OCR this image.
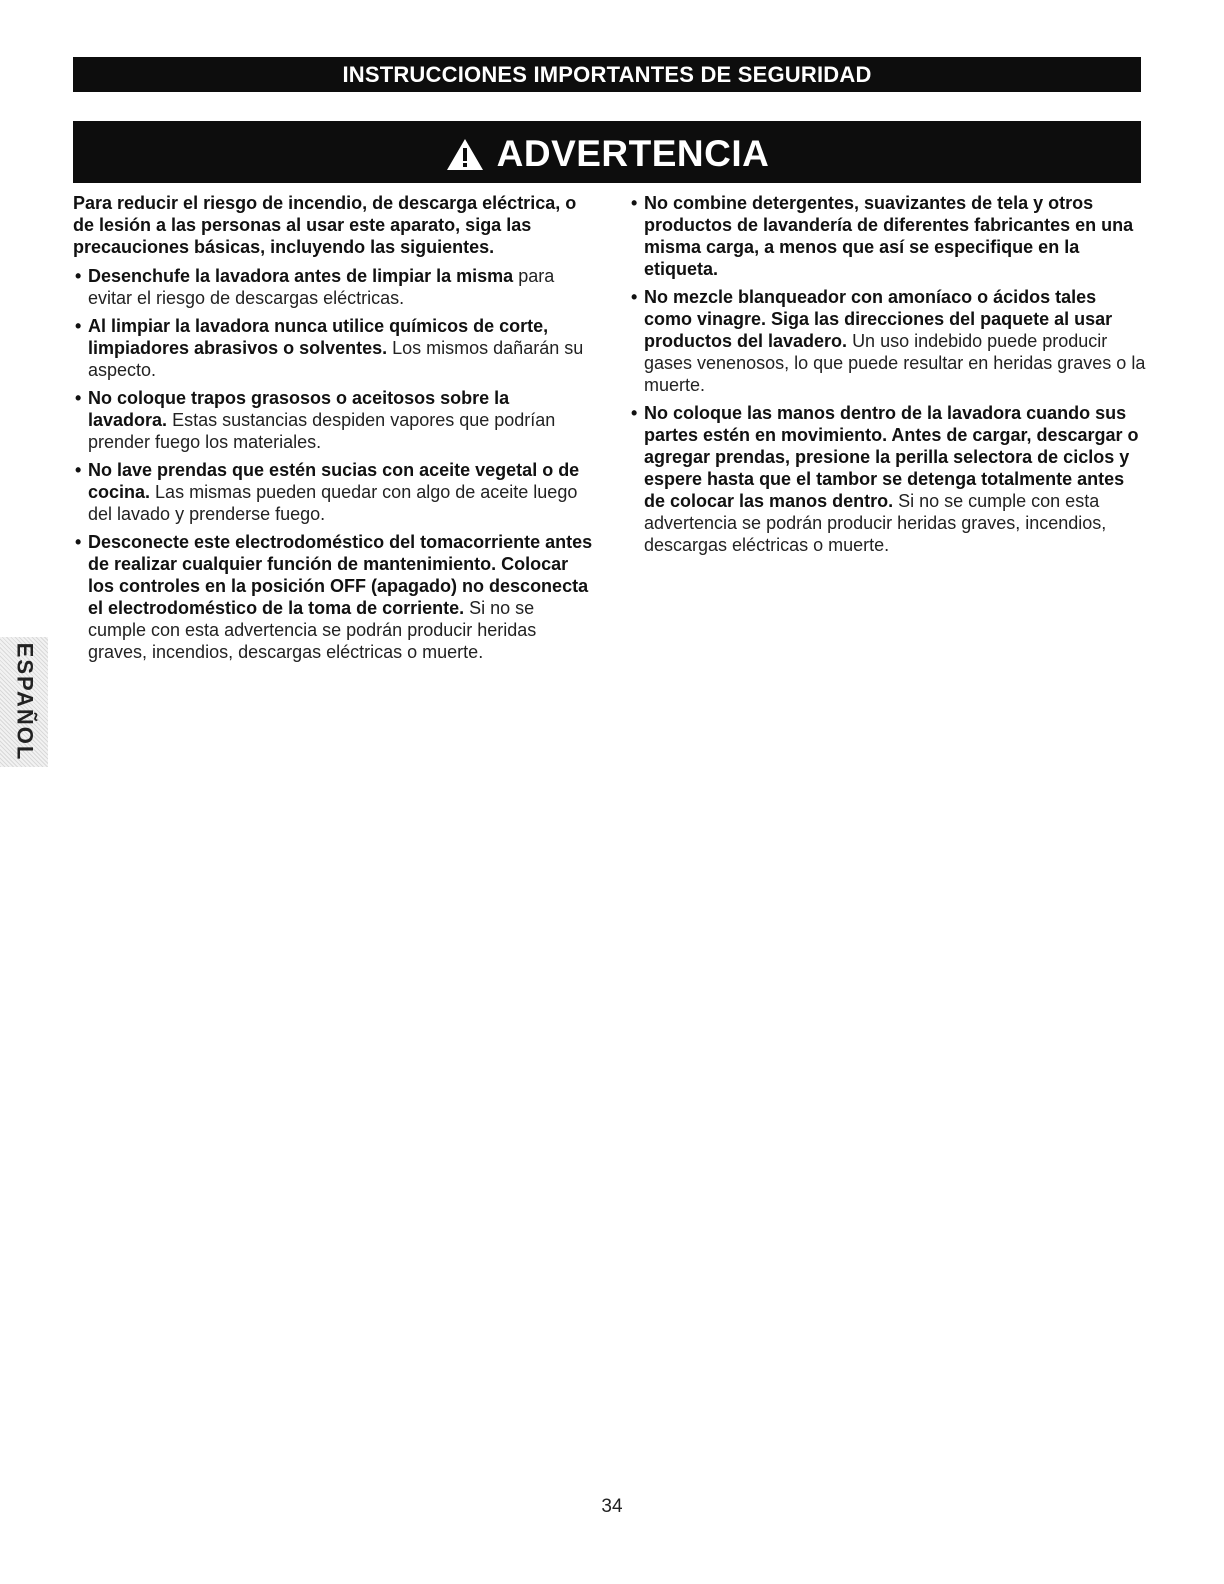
INSTRUCCIONES IMPORTANTES DE SEGURIDAD
ADVERTENCIA

Para reducir el riesgo de incendio, de descarga eléctrica, o de lesión a las personas al usar este aparato, siga las precauciones básicas, incluyendo las siguientes.

• Desenchufe la lavadora antes de limpiar la misma para evitar el riesgo de descargas eléctricas.

• Al limpiar la lavadora nunca utilice químicos de corte, limpiadores abrasivos o solventes. Los mismos dañarán su aspecto.

• No coloque trapos grasosos o aceitosos sobre la lavadora. Estas sustancias despiden vapores que podrían prender fuego los materiales.

• No lave prendas que estén sucias con aceite vegetal o de cocina. Las mismas pueden quedar con algo de aceite luego del lavado y prenderse fuego.

• Desconecte este electrodoméstico del tomacorriente antes de realizar cualquier función de mantenimiento. Colocar los controles en la posición OFF (apagado) no desconecta el electrodoméstico de la toma de corriente. Si no se cumple con esta advertencia se podrán producir heridas graves, incendios, descargas eléctricas o muerte.

• No combine detergentes, suavizantes de tela y otros productos de lavandería de diferentes fabricantes en una misma carga, a menos que así se especifique en la etiqueta.

• No mezcle blanqueador con amoníaco o ácidos tales como vinagre. Siga las direcciones del paquete al usar productos del lavadero. Un uso indebido puede producir gases venenosos, lo que puede resultar en heridas graves o la muerte.

• No coloque las manos dentro de la lavadora cuando sus partes estén en movimiento. Antes de cargar, descargar o agregar prendas, presione la perilla selectora de ciclos y espere hasta que el tambor se detenga totalmente antes de colocar las manos dentro. Si no se cumple con esta advertencia se podrán producir heridas graves, incendios, descargas eléctricas o muerte.

ESPAÑOL
34
